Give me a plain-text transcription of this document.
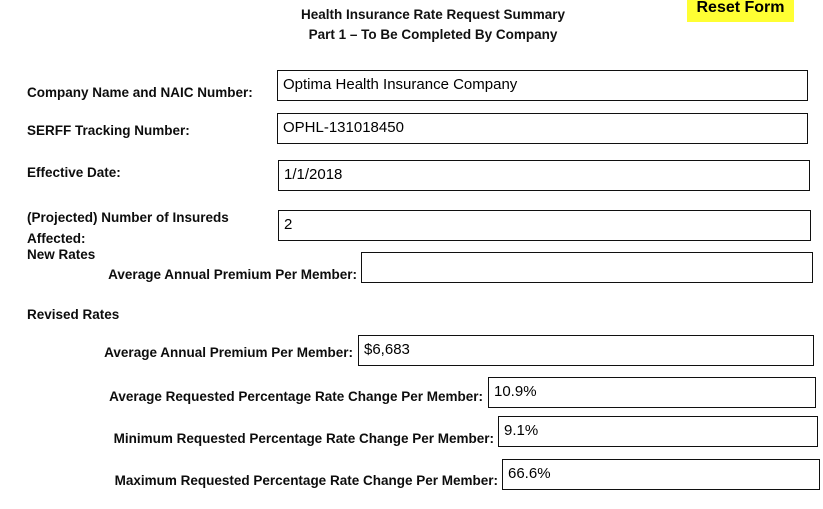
Health Insurance Rate Request Summary
Part 1 – To Be Completed By Company
Reset Form
Company Name and NAIC Number:
Optima Health Insurance Company
SERFF Tracking Number:
OPHL-131018450
Effective Date:
1/1/2018
(Projected) Number of Insureds Affected:
2
New Rates
Average Annual Premium Per Member:
Revised Rates
Average Annual Premium Per Member:
$6,683
Average Requested Percentage Rate Change Per Member:
10.9%
Minimum Requested Percentage Rate Change Per Member:
9.1%
Maximum Requested Percentage Rate Change Per Member:
66.6%
